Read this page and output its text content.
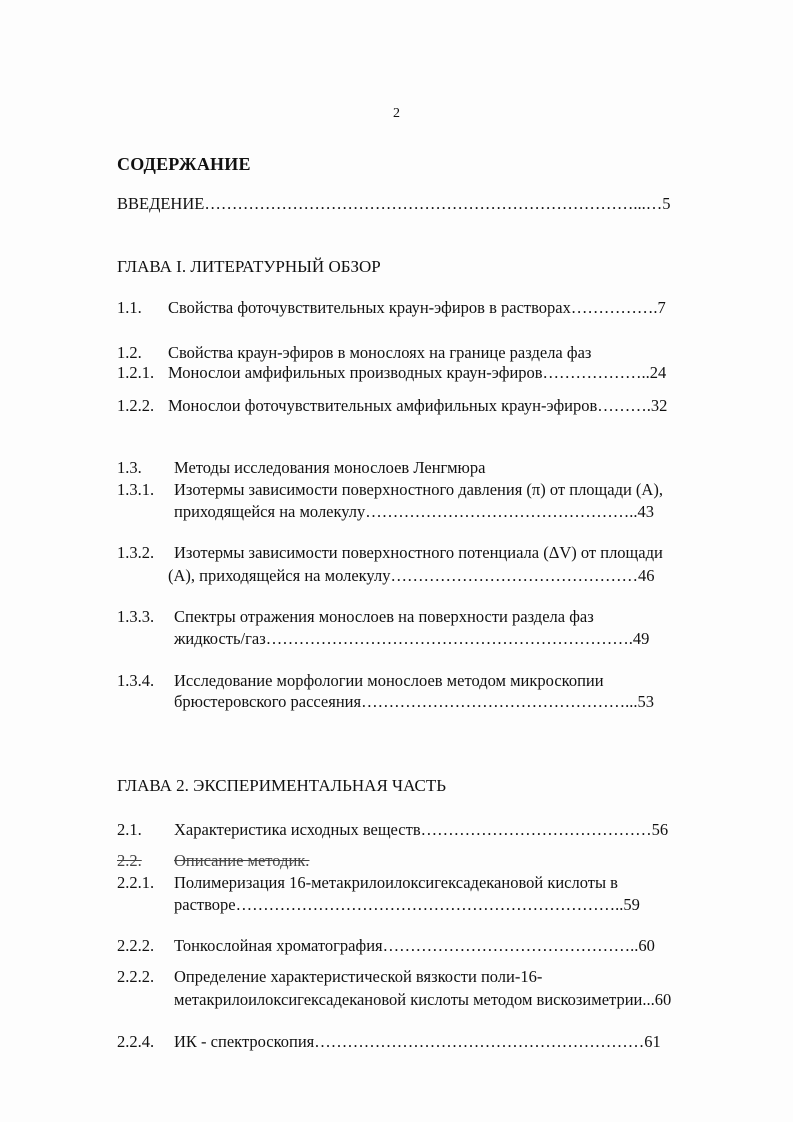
2
СОДЕРЖАНИЕ
ВВЕДЕНИЕ……………………………………………………………………...…5
ГЛАВА I. ЛИТЕРАТУРНЫЙ ОБЗОР
1.1. Свойства фоточувствительных краун-эфиров в растворах…………….7
1.2. Свойства краун-эфиров в монослоях на границе раздела фаз
1.2.1. Монослои амфифильных производных краун-эфиров………………..24
1.2.2. Монослои фоточувствительных амфифильных краун-эфиров……….32
1.3. Методы исследования монослоев Ленгмюра
1.3.1. Изотермы зависимости поверхностного давления (π) от площади (А),
приходящейся на молекулу…………………………………………..43
1.3.2. Изотермы зависимости поверхностного потенциала (ΔV) от площади
(А), приходящейся на молекулу………………………………………46
1.3.3. Спектры отражения монослоев на поверхности раздела фаз
жидкость/газ………………………………………………………….49
1.3.4. Исследование морфологии монослоев методом микроскопии
брюстеровского рассеяния…………………………………………...53
ГЛАВА 2. ЭКСПЕРИМЕНТАЛЬНАЯ ЧАСТЬ
2.1. Характеристика исходных веществ……………………………………56
2.2. Описание методик.
2.2.1. Полимеризация 16-метакрилоилоксигексадекановой кислоты в
растворе……………………………………………………………..59
2.2.2. Тонкослойная хроматография………………………………………..60
2.2.2. Определение характеристической вязкости поли-16-
метакрилоилоксигексадекановой кислоты методом вискозиметрии...60
2.2.4. ИК - спектроскопия……………………………………………………61
